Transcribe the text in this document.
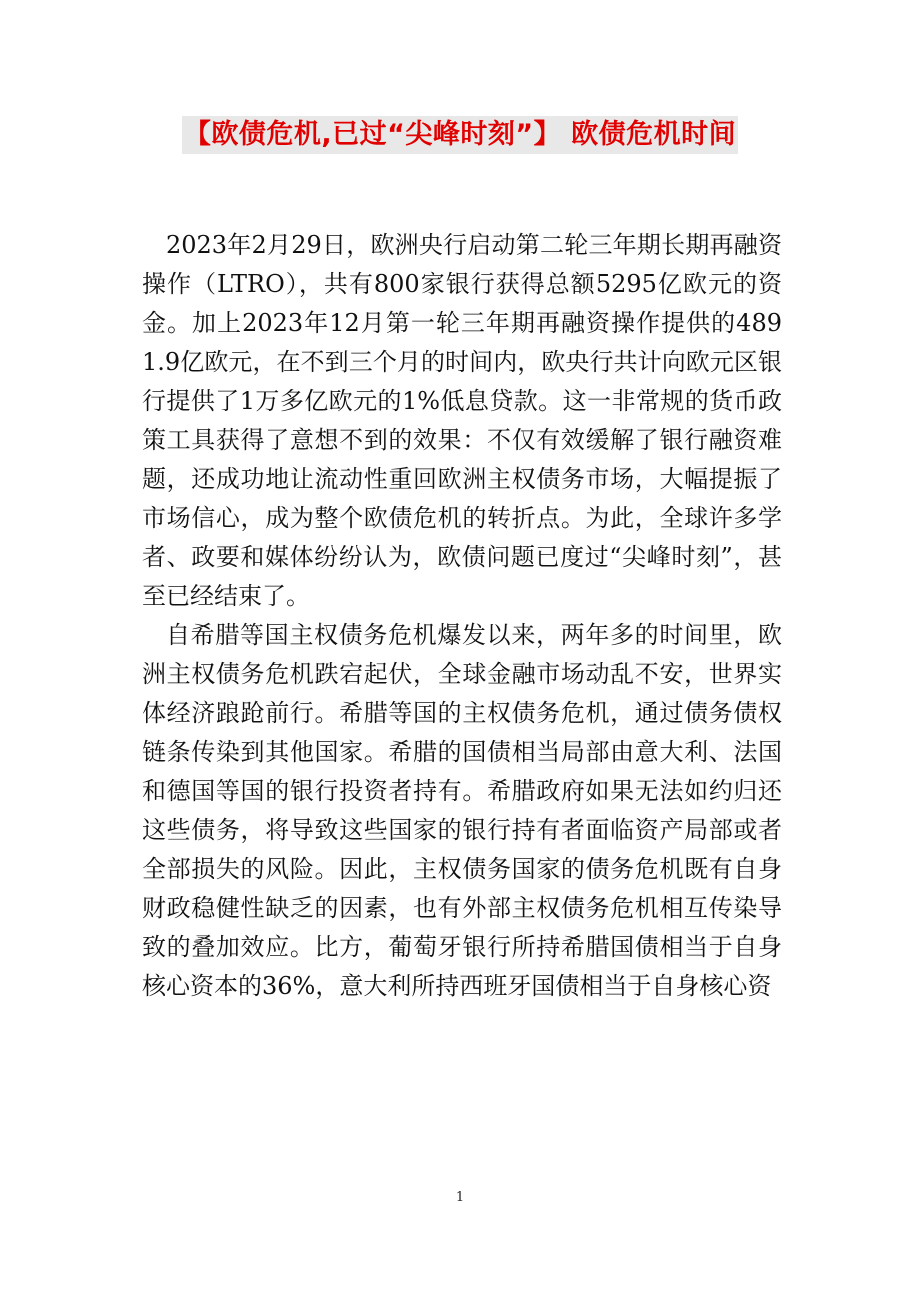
【欧债危机,已过“尖峰时刻”】 欧债危机时间

2023年2月29日，欧洲央行启动第二轮三年期长期再融资操作（LTRO），共有800家银行获得总额5295亿欧元的资金。加上2023年12月第一轮三年期再融资操作提供的4891.9亿欧元，在不到三个月的时间内，欧央行共计向欧元区银行提供了1万多亿欧元的1%低息贷款。这一非常规的货币政策工具获得了意想不到的效果：不仅有效缓解了银行融资难题，还成功地让流动性重回欧洲主权债务市场，大幅提振了市场信心，成为整个欧债危机的转折点。为此，全球许多学者、政要和媒体纷纷认为，欧债问题已度过“尖峰时刻”，甚至已经结束了。

自希腊等国主权债务危机爆发以来，两年多的时间里，欧洲主权债务危机跌宕起伏，全球金融市场动乱不安，世界实体经济踉跄前行。希腊等国的主权债务危机，通过债务债权链条传染到其他国家。希腊的国债相当局部由意大利、法国和德国等国的银行投资者持有。希腊政府如果无法如约归还这些债务，将导致这些国家的银行持有者面临资产局部或者全部损失的风险。因此，主权债务国家的债务危机既有自身财政稳健性缺乏的因素，也有外部主权债务危机相互传染导致的叠加效应。比方，葡萄牙银行所持希腊国债相当于自身核心资本的36%，意大利所持西班牙国债相当于自身核心资

1
